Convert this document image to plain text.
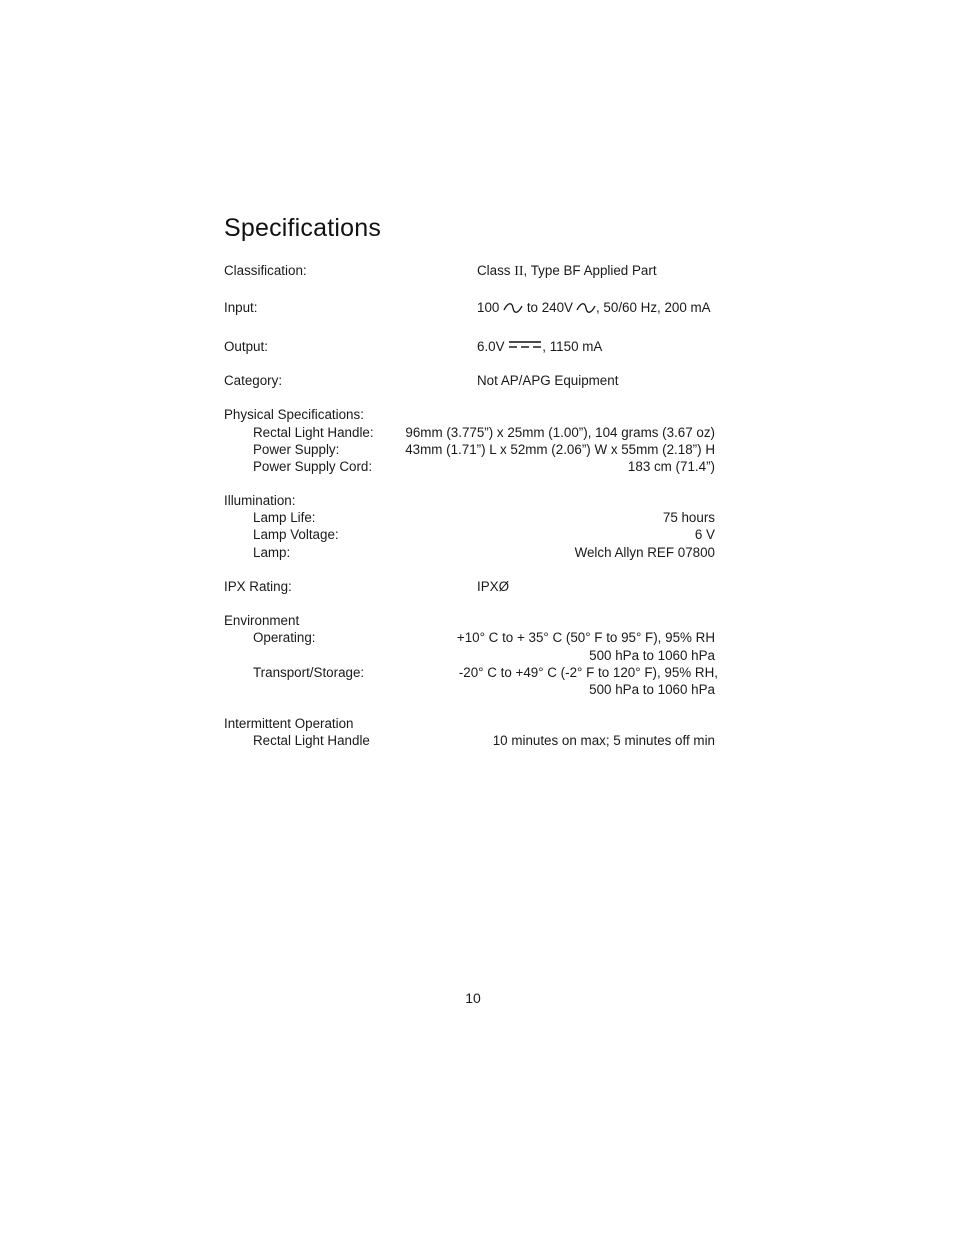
Specifications
Classification:	Class II, Type BF Applied Part
Input:	100 to 240V , 50/60 Hz, 200 mA
Output:	6.0V	, 1150 mA
Category:	Not AP/APG Equipment
Physical Specifications:
Rectal Light Handle: 96mm (3.775”) x 25mm (1.00”), 104 grams (3.67 oz)
Power Supply:	43mm (1.71”) L x 52mm (2.06”) W x 55mm (2.18”) H
Power Supply Cord:	183 cm (71.4”)
Illumination:
Lamp Life:	75 hours
Lamp Voltage:	6 V
Lamp:	Welch Allyn REF 07800
IPX Rating:	IPXØ
Environment
Operating:	+10° C to + 35° C (50° F to 95° F), 95% RH
500 hPa to 1060 hPa
Transport/Storage:	-20° C to +49° C (-2° F to 120° F), 95% RH,
500 hPa to 1060 hPa
Intermittent Operation
Rectal Light Handle	10 minutes on max; 5 minutes off min
10
